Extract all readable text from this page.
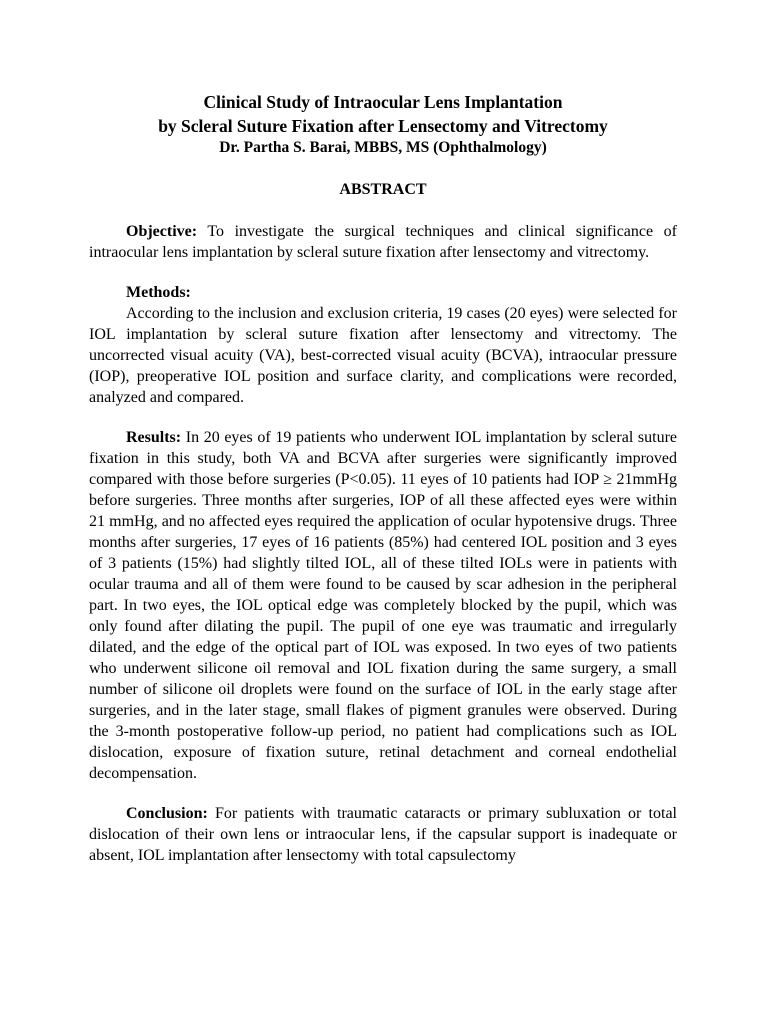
Clinical Study of Intraocular Lens Implantation
by Scleral Suture Fixation after Lensectomy and Vitrectomy
Dr. Partha S. Barai, MBBS, MS (Ophthalmology)
ABSTRACT

Objective: To investigate the surgical techniques and clinical significance of intraocular lens implantation by scleral suture fixation after lensectomy and vitrectomy.

Methods:

According to the inclusion and exclusion criteria, 19 cases (20 eyes) were selected for IOL implantation by scleral suture fixation after lensectomy and vitrectomy. The uncorrected visual acuity (VA), best-corrected visual acuity (BCVA), intraocular pressure (IOP), preoperative IOL position and surface clarity, and complications were recorded, analyzed and compared.

Results: In 20 eyes of 19 patients who underwent IOL implantation by scleral suture fixation in this study, both VA and BCVA after surgeries were significantly improved compared with those before surgeries (P<0.05). 11 eyes of 10 patients had IOP ≥ 21mmHg before surgeries. Three months after surgeries, IOP of all these affected eyes were within 21 mmHg, and no affected eyes required the application of ocular hypotensive drugs. Three months after surgeries, 17 eyes of 16 patients (85%) had centered IOL position and 3 eyes of 3 patients (15%) had slightly tilted IOL, all of these tilted IOLs were in patients with ocular trauma and all of them were found to be caused by scar adhesion in the peripheral part. In two eyes, the IOL optical edge was completely blocked by the pupil, which was only found after dilating the pupil. The pupil of one eye was traumatic and irregularly dilated, and the edge of the optical part of IOL was exposed. In two eyes of two patients who underwent silicone oil removal and IOL fixation during the same surgery, a small number of silicone oil droplets were found on the surface of IOL in the early stage after surgeries, and in the later stage, small flakes of pigment granules were observed. During the 3-month postoperative follow-up period, no patient had complications such as IOL dislocation, exposure of fixation suture, retinal detachment and corneal endothelial decompensation.

Conclusion: For patients with traumatic cataracts or primary subluxation or total dislocation of their own lens or intraocular lens, if the capsular support is inadequate or absent, IOL implantation after lensectomy with total capsulectomy
